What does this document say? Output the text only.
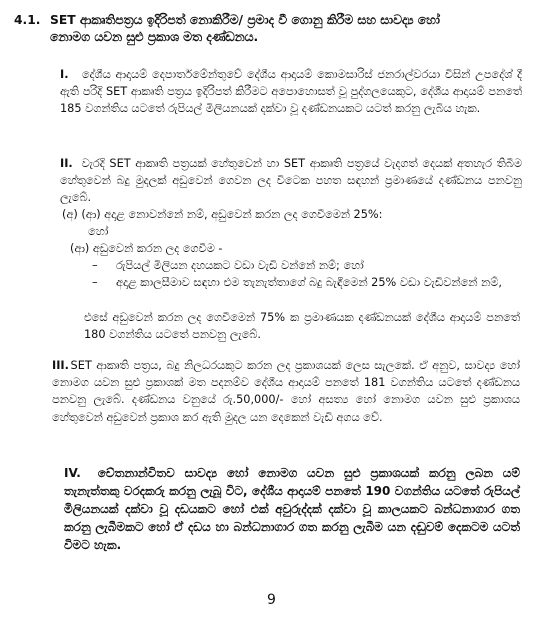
4.1. SET ආකෘතිපත්‍රය ඉදිරිපත් නොකිරීම/ ප්‍රමාද වී ගොනු කිරීම සහ සාවද්‍ය හෝ
නොමග යවන සුළු ප්‍රකාශ මත දණ්ඩනය.
I. දේශීය ආදායම් දෙපාර්තමේන්තුවේ දේශීය ආදායම් කොමසාරිස් ජනරාල්වරයා විසින් උපදේශ් දී ඇති පරිදි SET ආකෘති පත්‍රය ඉදිරිපත් කිරීමට අපොහොසත් වූ පුද්ගලයෙකුට, දේශීය ආදායම් පනතේ 185 වගන්තිය යටතේ රුපියල් මිලියනයක් දක්වා වූ දණ්ඩනයකට යටත් කරනු ලැබිය හැක.
II. වැරදි SET ආකෘති පත්‍රයක් හේතුවෙන් හා SET ආකෘති පත්‍රයේ වැදගත් දෙයක් අතහැර තිබීම හේතුවෙන් බදු මුදලක් අඩුවෙන් ගෙවන ලද විටෙක පහත සඳහන් ප්‍රමාණයේ දණ්ඩනය පනවනු ලැබේ.
(අ) (ආ) අදාළ නොවන්නේ නම්, අඩුවෙන් කරන ලද ගෙවීමෙන් 25%:
හෝ
(ආ) අඩුවෙන් කරන ලද ගෙවීම -
– රුපියල් මිලියන දහයකට වඩා වැඩි වන්නේ නම්; හෝ
– අදාළ කාලසීමාව සඳහා එම තැනැත්තාගේ බදු බැඳීමෙන් 25% වඩා වැඩිවන්නේ නම්,
එසේ අඩුවෙන් කරන ලද ගෙවීමෙන් 75% ක ප්‍රමාණයක දණ්ඩනයක් දේශීය ආදායම් පනතේ 180 වගන්තිය යටතේ පනවනු ලැබේ.
III. SET ආකෘති පත්‍රය, බදු නිලධරයකුට කරන ලද ප්‍රකාශයක් ලෙස සැලකේ. ඒ අනුව, සාවද්‍ය හෝ නොමග යවන සුළු ප්‍රකාශක් මත පදනම්ව දේශීය ආදායම් පනතේ 181 වගන්තිය යටතේ දණ්ඩනය පනවනු ලැබේ. දණ්ඩනය වනුයේ රු.50,000/- හෝ අසත්‍ය හෝ නොමග යවන සුළු ප්‍රකාශය හේතුවෙන් අඩුවෙන් ප්‍රකාශ කර ඇති මුදල යන දෙකෙන් වැඩි අගය වේ.
IV. චේතනාන්විතව සාවද්‍ය හෝ නොමග යවන සුළු ප්‍රකාශයක් කරනු ලබන යම් තැනැත්තකු වරදකරු කරනු ලැබූ විට, දේශීය ආදායම් පනතේ 190 වගන්තිය යටතේ රුපියල් මිලියනයක් දක්වා වූ දඩයකට හෝ එක් අවුරුද්දක් දක්වා වූ කාලයකට බන්ධනාගාර ගත කරනු ලැබීමකට හෝ ඒ දඩය හා බන්ධනාගාර ගත කරනු ලැබීම යන දඬුවම් දෙකටම යටත් විමට හැක.
9
